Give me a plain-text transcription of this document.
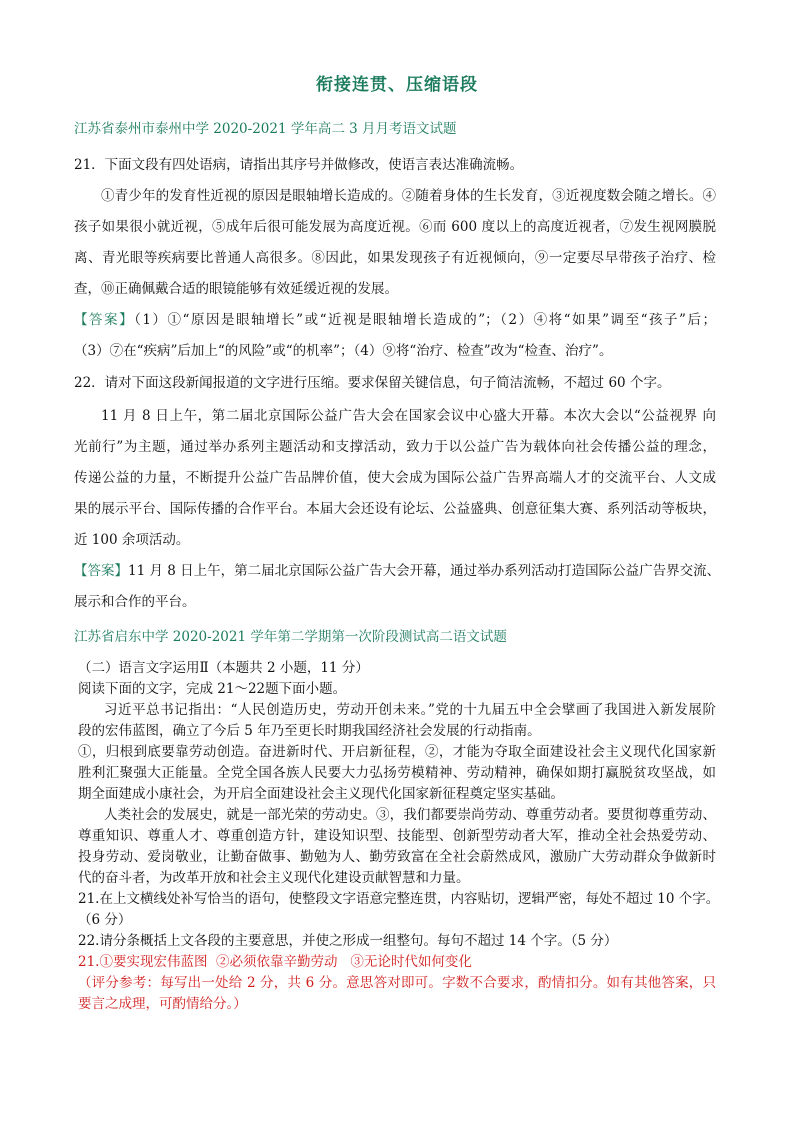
衔接连贯、压缩语段
江苏省泰州市泰州中学 2020-2021 学年高二 3 月月考语文试题
21．下面文段有四处语病，请指出其序号并做修改，使语言表达准确流畅。
①青少年的发育性近视的原因是眼轴增长造成的。②随着身体的生长发育，③近视度数会随之增长。④
孩子如果很小就近视，⑤成年后很可能发展为高度近视。⑥而 600 度以上的高度近视者，⑦发生视网膜脱
离、青光眼等疾病要比普通人高很多。⑧因此，如果发现孩子有近视倾向，⑨一定要尽早带孩子治疗、检
查，⑩正确佩戴合适的眼镜能够有效延缓近视的发展。
【答案】（1）①“原因是眼轴增长”或“近视是眼轴增长造成的”；（2）④将“如果”调至“孩子”后；
（3）⑦在“疾病”后加上“的风险”或“的机率”；（4）⑨将“治疗、检查”改为“检查、治疗”。
22．请对下面这段新闻报道的文字进行压缩。要求保留关键信息，句子简洁流畅，不超过 60 个字。
11 月 8 日上午，第二届北京国际公益广告大会在国家会议中心盛大开幕。本次大会以“公益视界 向
光前行”为主题，通过举办系列主题活动和支撑活动，致力于以公益广告为载体向社会传播公益的理念，
传递公益的力量，不断提升公益广告品牌价值，使大会成为国际公益广告界高端人才的交流平台、人文成
果的展示平台、国际传播的合作平台。本届大会还设有论坛、公益盛典、创意征集大赛、系列活动等板块，
近 100 余项活动。
【答案】11 月 8 日上午，第二届北京国际公益广告大会开幕，通过举办系列活动打造国际公益广告界交流、
展示和合作的平台。
江苏省启东中学 2020-2021 学年第二学期第一次阶段测试高二语文试题
（二）语言文字运用Ⅱ（本题共 2 小题，11 分）
阅读下面的文字，完成 21～22题下面小题。
习近平总书记指出：“人民创造历史，劳动开创未来。”党的十九届五中全会擘画了我国进入新发展阶
段的宏伟蓝图，确立了今后 5 年乃至更长时期我国经济社会发展的行动指南。
①，归根到底要靠劳动创造。奋进新时代、开启新征程，②，才能为夺取全面建设社会主义现代化国家新
胜利汇聚强大正能量。全党全国各族人民要大力弘扬劳模精神、劳动精神，确保如期打赢脱贫攻坚战，如
期全面建成小康社会，为开启全面建设社会主义现代化国家新征程奠定坚实基础。
人类社会的发展史，就是一部光荣的劳动史。③，我们都要崇尚劳动、尊重劳动者。要贯彻尊重劳动、
尊重知识、尊重人才、尊重创造方针，建设知识型、技能型、创新型劳动者大军，推动全社会热爱劳动、
投身劳动、爱岗敬业，让勤奋做事、勤勉为人、勤劳致富在全社会蔚然成风，激励广大劳动群众争做新时
代的奋斗者，为改革开放和社会主义现代化建设贡献智慧和力量。
21.在上文横线处补写恰当的语句，使整段文字语意完整连贯，内容贴切，逻辑严密，每处不超过 10 个字。
（6 分）
22.请分条概括上文各段的主要意思，并使之形成一组整句。每句不超过 14 个字。（5 分）
21.①要实现宏伟蓝图  ②必须依靠辛勤劳动   ③无论时代如何变化
（评分参考：每写出一处给 2 分，共 6 分。意思答对即可。字数不合要求，酌情扣分。如有其他答案，只
要言之成理，可酌情给分。）
